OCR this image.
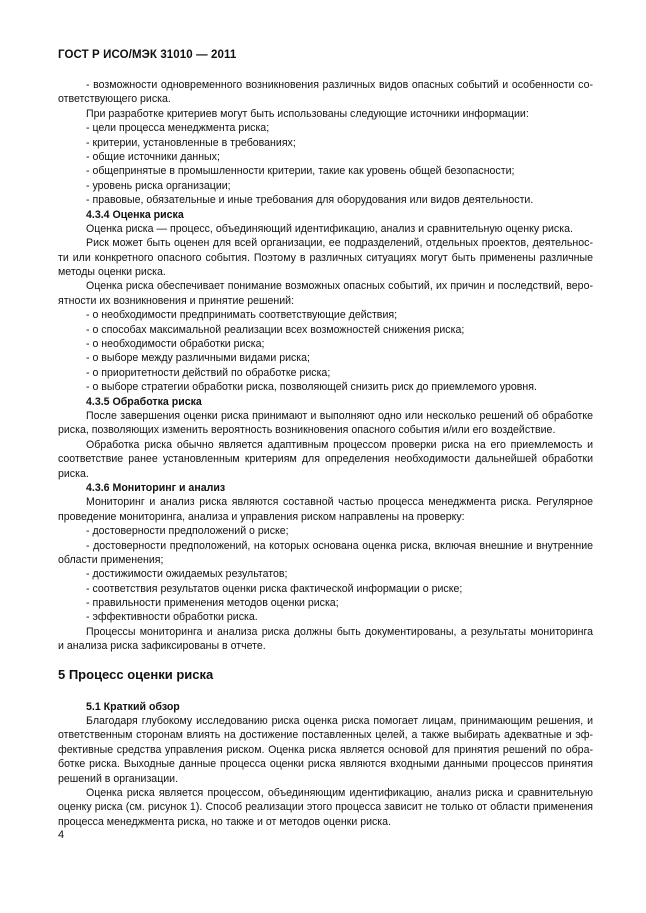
ГОСТ Р ИСО/МЭК 31010 — 2011
- возможности одновременного возникновения различных видов опасных событий и особенности со-
ответствующего риска.
При разработке критериев могут быть использованы следующие источники информации:
- цели процесса менеджмента риска;
- критерии, установленные в требованиях;
- общие источники данных;
- общепринятые в промышленности критерии, такие как уровень общей безопасности;
- уровень риска организации;
- правовые, обязательные и иные требования для оборудования или видов деятельности.
4.3.4 Оценка риска
Оценка риска — процесс, объединяющий идентификацию, анализ и сравнительную оценку риска.
Риск может быть оценен для всей организации, ее подразделений, отдельных проектов, деятельнос-
ти или конкретного опасного события. Поэтому в различных ситуациях могут быть применены различные
методы оценки риска.
Оценка риска обеспечивает понимание возможных опасных событий, их причин и последствий, веро-
ятности их возникновения и принятие решений:
- о необходимости предпринимать соответствующие действия;
- о способах максимальной реализации всех возможностей снижения риска;
- о необходимости обработки риска;
- о выборе между различными видами риска;
- о приоритетности действий по обработке риска;
- о выборе стратегии обработки риска, позволяющей снизить риск до приемлемого уровня.
4.3.5 Обработка риска
После завершения оценки риска принимают и выполняют одно или несколько решений об обработке
риска, позволяющих изменить вероятность возникновения опасного события и/или его воздействие.
Обработка риска обычно является адаптивным процессом проверки риска на его приемлемость и
соответствие ранее установленным критериям для определения необходимости дальнейшей обработки
риска.
4.3.6 Мониторинг и анализ
Мониторинг и анализ риска являются составной частью процесса менеджмента риска. Регулярное
проведение мониторинга, анализа и управления риском направлены на проверку:
- достоверности предположений о риске;
- достоверности предположений, на которых основана оценка риска, включая внешние и внутренние
области применения;
- достижимости ожидаемых результатов;
- соответствия результатов оценки риска фактической информации о риске;
- правильности применения методов оценки риска;
- эффективности обработки риска.
Процессы мониторинга и анализа риска должны быть документированы, а результаты мониторинга
и анализа риска зафиксированы в отчете.
5 Процесс оценки риска
5.1 Краткий обзор
Благодаря глубокому исследованию риска оценка риска помогает лицам, принимающим решения, и
ответственным сторонам влиять на достижение поставленных целей, а также выбирать адекватные и эф-
фективные средства управления риском. Оценка риска является основой для принятия решений по обра-
ботке риска. Выходные данные процесса оценки риска являются входными данными процессов принятия
решений в организации.
Оценка риска является процессом, объединяющим идентификацию, анализ риска и сравнительную
оценку риска (см. рисунок 1). Способ реализации этого процесса зависит не только от области применения
процесса менеджмента риска, но также и от методов оценки риска.
4
